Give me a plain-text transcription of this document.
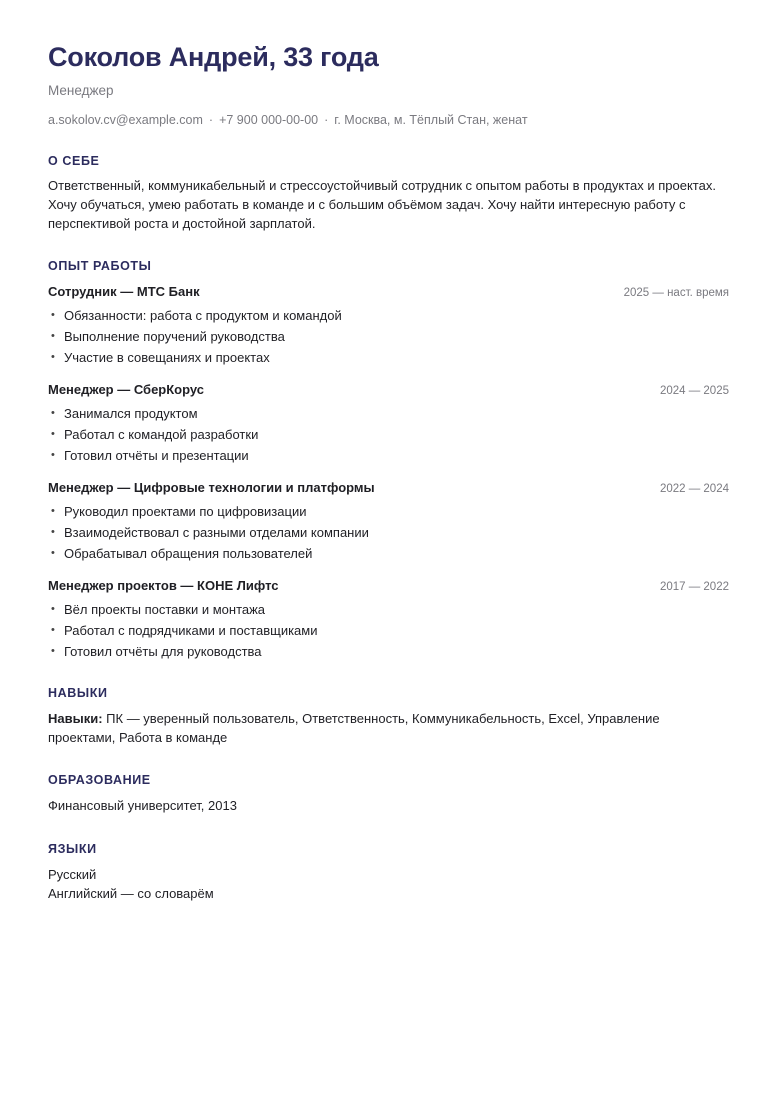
Соколов Андрей, 33 года
Менеджер
a.sokolov.cv@example.com · +7 900 000-00-00 · г. Москва, м. Тёплый Стан, женат
О СЕБЕ
Ответственный, коммуникабельный и стрессоустойчивый сотрудник с опытом работы в продуктах и проектах. Хочу обучаться, умею работать в команде и с большим объёмом задач. Хочу найти интересную работу с перспективой роста и достойной зарплатой.
ОПЫТ РАБОТЫ
Сотрудник — МТС Банк	2025 — наст. время
• Обязанности: работа с продуктом и командой
• Выполнение поручений руководства
• Участие в совещаниях и проектах
Менеджер — СберКорус	2024 — 2025
• Занимался продуктом
• Работал с командой разработки
• Готовил отчёты и презентации
Менеджер — Цифровые технологии и платформы	2022 — 2024
• Руководил проектами по цифровизации
• Взаимодействовал с разными отделами компании
• Обрабатывал обращения пользователей
Менеджер проектов — КОНЕ Лифтс	2017 — 2022
• Вёл проекты поставки и монтажа
• Работал с подрядчиками и поставщиками
• Готовил отчёты для руководства
НАВЫКИ
Навыки: ПК — уверенный пользователь, Ответственность, Коммуникабельность, Excel, Управление проектами, Работа в команде
ОБРАЗОВАНИЕ
Финансовый университет, 2013
ЯЗЫКИ
Русский
Английский — со словарём
